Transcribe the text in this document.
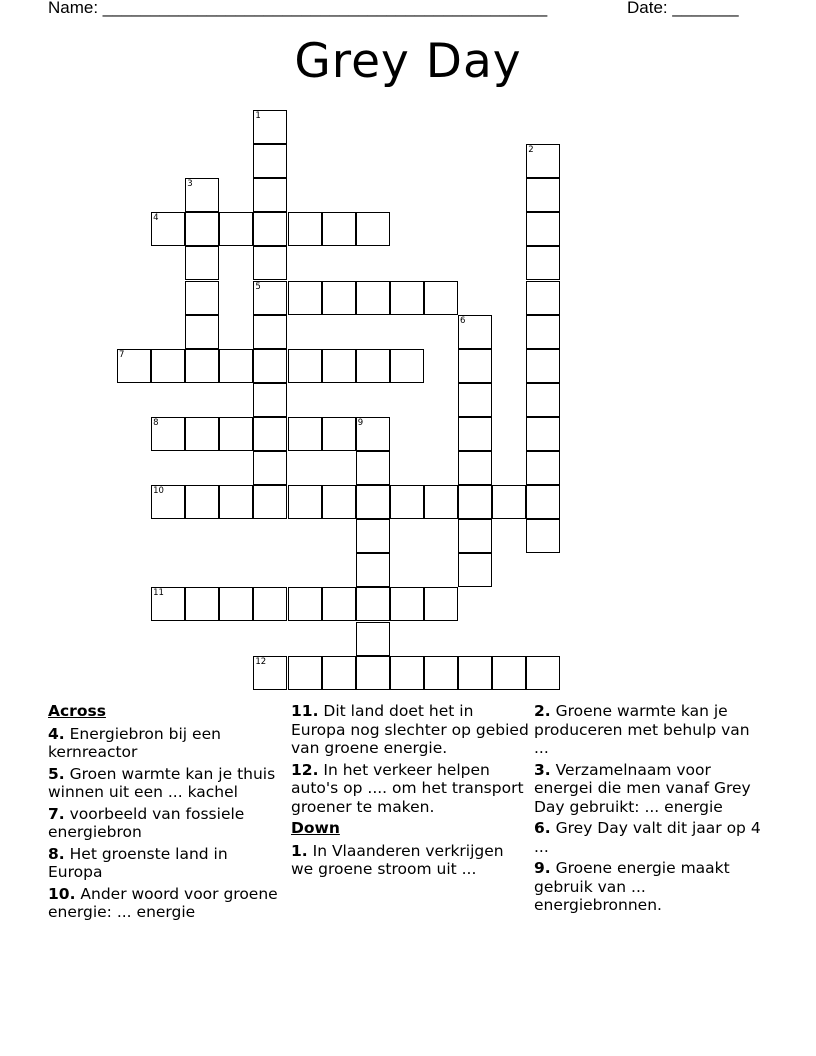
Name: _______________________________________________	Date: _______
Grey Day
4
5
7
8	9
10
11
12
1
2
3
6
Across
4. Energiebron bij een kernreactor
5. Groen warmte kan je thuis winnen uit een ... kachel
7. voorbeeld van fossiele energiebron
8. Het groenste land in Europa
10. Ander woord voor groene energie: ... energie
11. Dit land doet het in Europa nog slechter op gebied van groene energie.
12. In het verkeer helpen auto's op .... om het transport groener te maken.
Down
1. In Vlaanderen verkrijgen we groene stroom uit ...
2. Groene warmte kan je produceren met behulp van ...
3. Verzamelnaam voor energei die men vanaf Grey Day gebruikt: ... energie
6. Grey Day valt dit jaar op 4 ...
9. Groene energie maakt gebruik van ... energiebronnen.
